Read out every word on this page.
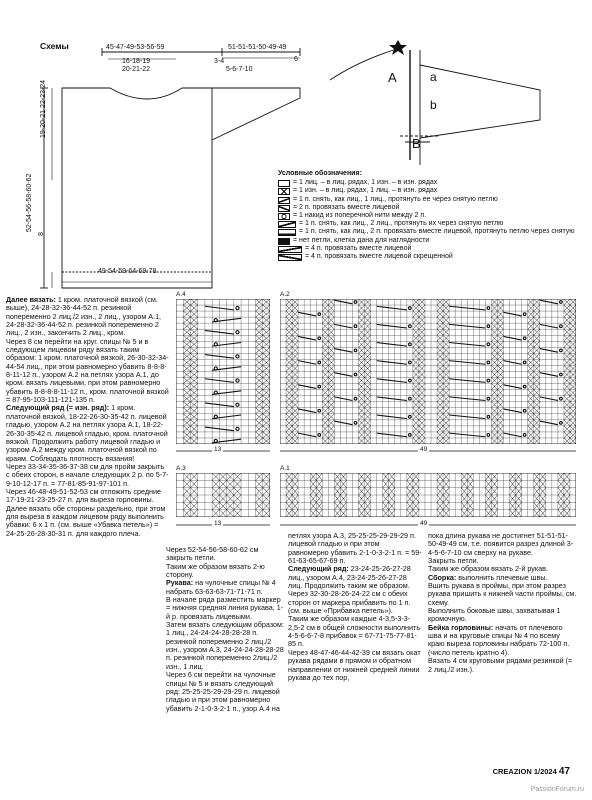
Схемы	45-47-49-53-56-59
16-18-19
20-21-22
51-51-51-50-49-49
3-4
5-6-7-10
6
52-54-56-58-60-62
19-20-21 22-23-24
8
49-54-59-64-69-78
A	a
b
B
Условные обозначения:
= 1 лиц. – в лиц. рядах, 1 изн. – в изн. рядах
= 1 изн. – в лиц. рядах, 1 лиц. – в изн. рядах
= 1 п. снять, как лиц., 1 лиц., протянуть ее через снятую петлю
= 2 п. провязать вместе лицевой
= 1 накид из поперечной нити между 2 п.
= 1 п. снять, как лиц., 2 лиц., протянуть их через снятую петлю
= 1 п. снять, как лиц., 2 п. провязать вместе лицевой, протянуть петлю через снятую
= нет петли, клетка дана для наглядности
= 4 п. провязать вместе лицевой
= 4 п. провязать вместе лицевой скрещенной
A.4	A.2
A.3	A.1
13	49
13	49

Далее вязать: 1 кром. платочной вязкой (см. выше), 24-28-32-36-44-52 п. резинкой попеременно 2 лиц./2 изн., 2 лиц., узором А.1, 24-28-32-36-44-52 п. резинкой попеременно 2 лиц., 2 изн., закончить 2 лиц., кром.

Через 8 см перейти на круг. спицы № 5 и в следующем лицевом ряду вязать таким образом: 1 кром. платочной вязкой, 26-30-32-34-44-54 лиц., при этом равномерно убавить 8-8-8-8-11-12 п., узором А.2 на петлях узора А.1, до кром. вязать лицевыми, при этом равномерно убавить 8-8-8-8-11-12 п., кром. платочной вязкой = 87-95-103-111-121-135 п.

Следующий ряд (= изн. ряд): 1 кром. платочной вязкой, 18-22-26-30-35-42 п. лицевой гладью, узором А.2 на петлях узора А.1, 18-22-26-30-35-42 п. лицевой гладью, кром. платочной вязкой. Продолжить работу лицевой гладью и узором А.2 между кром. платочной вязкой по краям. Соблюдать плотность вязания!

Через 33-34-35-36-37-38 см для пройм закрыть с обеих сторон, в начале следующих 2 р. по 5-7-9-10-12-17 п. = 77-81-85-91-97-101 п.

Через 46-48-49-51-52-53 см отложить средние 17-19-21-23-25-27 п. для выреза горловины.

Далее вязать обе стороны раздельно, при этом для выреза в каждом лицевом ряду выполнить убавки: 6 х 1 п. (см. выше «Убавка петель») = 24-25-26-28-30-31 п. для каждого плеча.

Через 52-54-56-58-60-62 см закрыть петли.

Таким же образом вязать 2-ю сторону.

Рукава: на чулочные спицы № 4 набрать 63-63-63-71-71-71 п.

В начале ряда разместить маркер = нижняя средняя линия рукава, 1-й р. провязать лицевыми.

Затем вязать следующим образом: 1 лиц., 24-24-24-28-28-28 п. резинкой попеременно 2 лиц./2 изн., узором А.3, 24-24-24-28-28-28 п. резинкой попеременно 2лиц./2 изн., 1 лиц.

Через 6 см перейти на чулочные спицы № 5 и вязать следующий ряд: 25-25-25-29-29-29 п. лицевой гладью и при этом равномерно убавить 2-1-0-3-2-1 п., узор А.4 на

петлях узора А.3, 25-25-25-29-29-29 п. лицевой гладью и при этом равномерно убавить 2-1-0-3-2-1 п. = 59-61-63-65-67-69 п.

Следующий ряд: 23-24-25-26-27-28 лиц., узором А.4, 23-24-25-26-27-28 лиц. Продолжить таким же образом.

Через 32-30-28-26-24-22 см с обеих сторон от маркера прибавить по 1 п. (см. выше «Прибавка петель»).

Таким же образом каждые 4-3,5-3-3-2,5-2 см в общей сложности выполнить 4-5-6-6-7-8 прибавок = 67-71-75-77-81-85 п.

Через 48-47-46-44-42-39 см вязать окат рукава рядами в прямом и обратном направлении от нижней средней линии рукава до тех пор,

пока длина рукава не достигнет 51-51-51-50-49-49 см, т.е. появится разрез длиной 3-4-5-6-7-10 см сверху на рукаве.

Закрыть петли.

Таким же образом вязать 2-й рукав.

Сборка: выполнить плечевые швы.

Вшить рукава в проймы, при этом разрез рукава пришить к нижней части проймы, см. схему.

Выполнить боковые швы, захватывая 1 кромочную.

Бейка горловины: начать от плечевого шва и на круговые спицы № 4 по всему краю выреза горловины набрать 72-100 п. (число петель кратно 4).

Вязать 4 см круговыми рядами резинкой (= 2 лиц./2 изн.).

CREAZION 1/2024 47
PassionForum.ru
